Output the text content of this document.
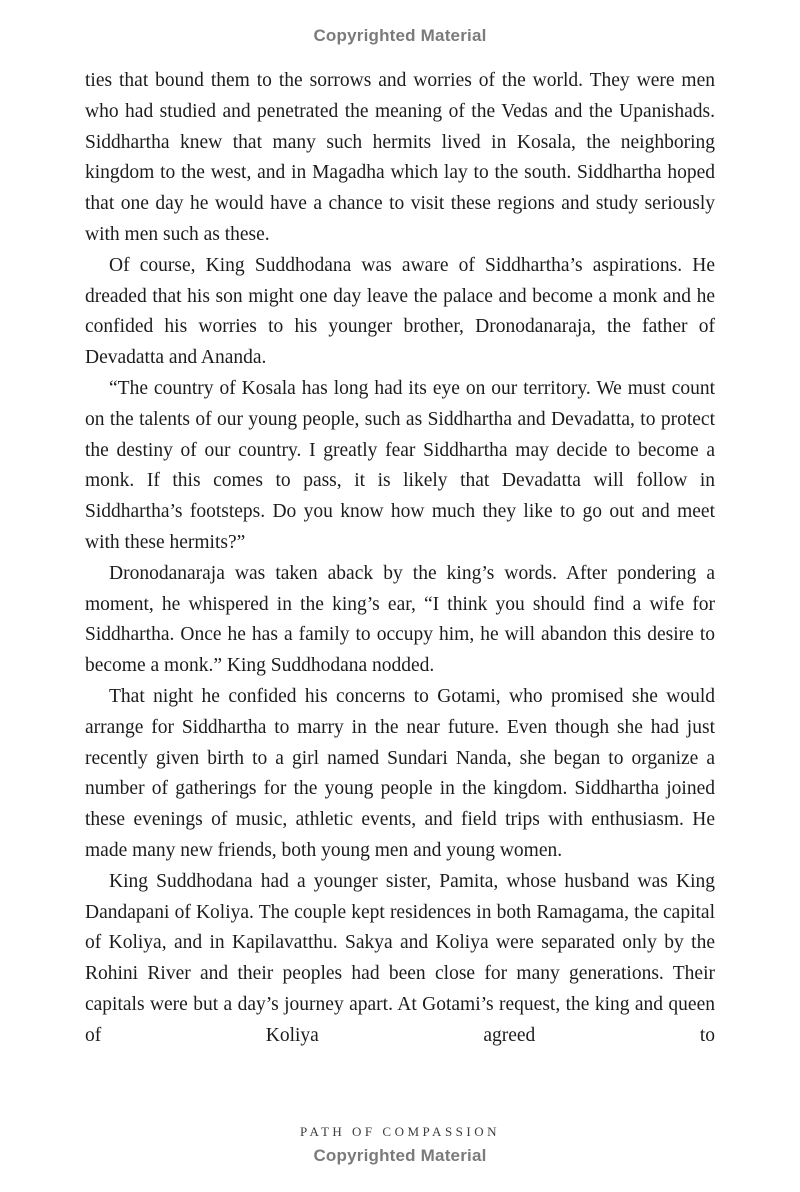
Copyrighted Material

ties that bound them to the sorrows and worries of the world. They were men who had studied and penetrated the meaning of the Vedas and the Upanishads. Siddhartha knew that many such hermits lived in Kosala, the neighboring kingdom to the west, and in Magadha which lay to the south. Siddhartha hoped that one day he would have a chance to visit these regions and study seriously with men such as these.

Of course, King Suddhodana was aware of Siddhartha’s aspirations. He dreaded that his son might one day leave the palace and become a monk and he confided his worries to his younger brother, Dronodanaraja, the father of Devadatta and Ananda.

“The country of Kosala has long had its eye on our territory. We must count on the talents of our young people, such as Siddhartha and Devadatta, to protect the destiny of our country. I greatly fear Siddhartha may decide to become a monk. If this comes to pass, it is likely that Devadatta will follow in Siddhartha’s footsteps. Do you know how much they like to go out and meet with these hermits?”

Dronodanaraja was taken aback by the king’s words. After pondering a moment, he whispered in the king’s ear, “I think you should find a wife for Siddhartha. Once he has a family to occupy him, he will abandon this desire to become a monk.” King Suddhodana nodded.

That night he confided his concerns to Gotami, who promised she would arrange for Siddhartha to marry in the near future. Even though she had just recently given birth to a girl named Sundari Nanda, she began to organize a number of gatherings for the young people in the kingdom. Siddhartha joined these evenings of music, athletic events, and field trips with enthusiasm. He made many new friends, both young men and young women.

King Suddhodana had a younger sister, Pamita, whose husband was King Dandapani of Koliya. The couple kept residences in both Ramagama, the capital of Koliya, and in Kapilavatthu. Sakya and Koliya were separated only by the Rohini River and their peoples had been close for many generations. Their capitals were but a day’s journey apart. At Gotami’s request, the king and queen of Koliya agreed to

PATH OF COMPASSION
Copyrighted Material
